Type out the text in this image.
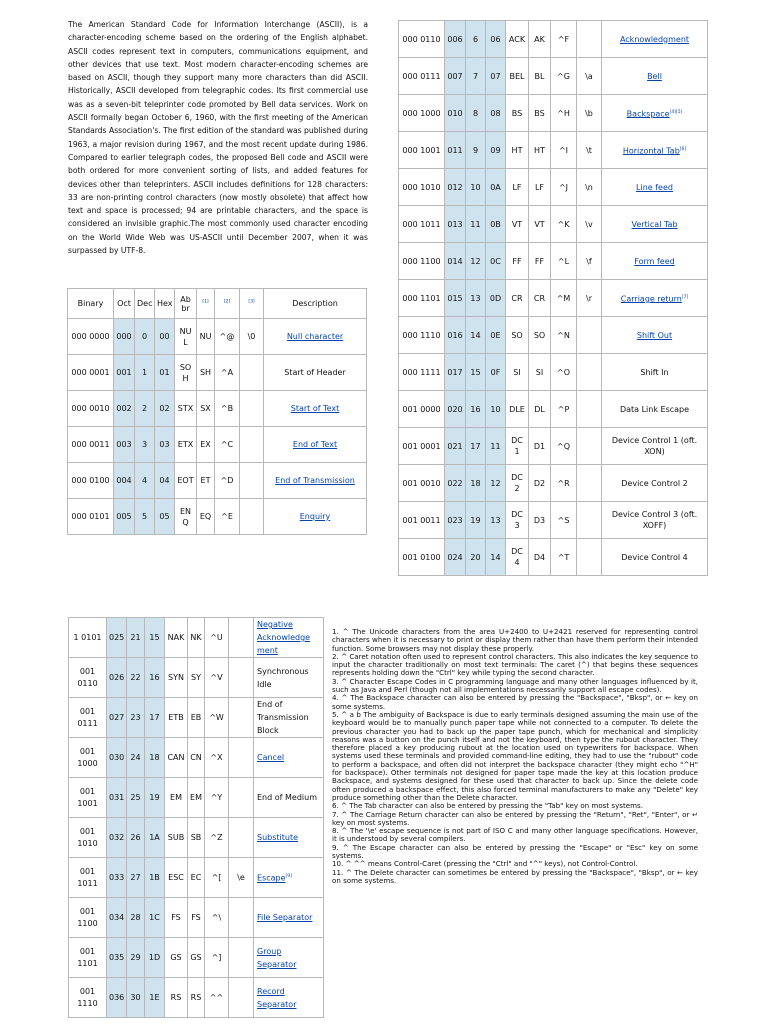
The American Standard Code for Information Interchange (ASCII), is a character-encoding scheme based on the ordering of the English alphabet. ASCII codes represent text in computers, communications equipment, and other devices that use text. Most modern character-encoding schemes are based on ASCII, though they support many more characters than did ASCII. Historically, ASCII developed from telegraphic codes. Its first commercial use was as a seven-bit teleprinter code promoted by Bell data services. Work on ASCII formally began October 6, 1960, with the first meeting of the American Standards Association's. The first edition of the standard was published during 1963, a major revision during 1967, and the most recent update during 1986. Compared to earlier telegraph codes, the proposed Bell code and ASCII were both ordered for more convenient sorting of lists, and added features for devices other than teleprinters. ASCII includes definitions for 128 characters: 33 are non-printing control characters (now mostly obsolete) that affect how text and space is processed; 94 are printable characters, and the space is considered an invisible graphic.The most commonly used character encoding on the World Wide Web was US-ASCII until December 2007, when it was surpassed by UTF-8.

Binary	Oct	Dec	Hex	Ab br	[1]	[2]	[3]	Description
000 0000	000	0	00	NU L	NU	^@	\0	Null character
000 0001	001	1	01	SO H	SH	^A		Start of Header
000 0010	002	2	02	STX	SX	^B		Start of Text
000 0011	003	3	03	ETX	EX	^C		End of Text
000 0100	004	4	04	EOT	ET	^D		End of Transmission
000 0101	005	5	05	EN Q	EQ	^E		Enquiry
000 0110	006	6	06	ACK	AK	^F		Acknowledgment
000 0111	007	7	07	BEL	BL	^G	\a	Bell
000 1000	010	8	08	BS	BS	^H	\b	Backspace[4][5]
000 1001	011	9	09	HT	HT	^I	\t	Horizontal Tab[6]
000 1010	012	10	0A	LF	LF	^J	\n	Line feed
000 1011	013	11	0B	VT	VT	^K	\v	Vertical Tab
000 1100	014	12	0C	FF	FF	^L	\f	Form feed
000 1101	015	13	0D	CR	CR	^M	\r	Carriage return[7]
000 1110	016	14	0E	SO	SO	^N		Shift Out
000 1111	017	15	0F	SI	SI	^O		Shift In
001 0000	020	16	10	DLE	DL	^P		Data Link Escape
001 0001	021	17	11	DC 1	D1	^Q		Device Control 1 (oft. XON)
001 0010	022	18	12	DC 2	D2	^R		Device Control 2
001 0011	023	19	13	DC 3	D3	^S		Device Control 3 (oft. XOFF)
001 0100	024	20	14	DC 4	D4	^T		Device Control 4
1 0101	025	21	15	NAK	NK	^U		Negative Acknowledge ment
001 0110	026	22	16	SYN	SY	^V		Synchronous Idle
001 0111	027	23	17	ETB	EB	^W		End of Transmission Block
001 1000	030	24	18	CAN	CN	^X		Cancel
001 1001	031	25	19	EM	EM	^Y		End of Medium
001 1010	032	26	1A	SUB	SB	^Z		Substitute
001 1011	033	27	1B	ESC	EC	^[	\e	Escape[9]
001 1100	034	28	1C	FS	FS	^\		File Separator
001 1101	035	29	1D	GS	GS	^]		Group Separator
001 1110	036	30	1E	RS	RS	^^		Record Separator
1. ^ The Unicode characters from the area U+2400 to U+2421 reserved for representing control characters when it is necessary to print or display them rather than have them perform their intended function. Some browsers may not display these properly.
2. ^ Caret notation often used to represent control characters. This also indicates the key sequence to input the character traditionally on most text terminals: The caret (^) that begins these sequences represents holding down the "Ctrl" key while typing the second character.
3. ^ Character Escape Codes in C programming language and many other languages influenced by it, such as Java and Perl (though not all implementations necessarily support all escape codes).
4. ^ The Backspace character can also be entered by pressing the "Backspace", "Bksp", or ← key on some systems.
5. ^ a b The ambiguity of Backspace is due to early terminals designed assuming the main use of the keyboard would be to manually punch paper tape while not connected to a computer. To delete the previous character you had to back up the paper tape punch, which for mechanical and simplicity reasons was a button on the punch itself and not the keyboard, then type the rubout character. They therefore placed a key producing rubout at the location used on typewriters for backspace. When systems used these terminals and provided command-line editing, they had to use the "rubout" code to perform a backspace, and often did not interpret the backspace character (they might echo "^H" for backspace). Other terminals not designed for paper tape made the key at this location produce Backspace, and systems designed for these used that character to back up. Since the delete code often produced a backspace effect, this also forced terminal manufacturers to make any "Delete" key produce something other than the Delete character.
6. ^ The Tab character can also be entered by pressing the "Tab" key on most systems.
7. ^ The Carriage Return character can also be entered by pressing the "Return", "Ret", "Enter", or ↵ key on most systems.
8. ^ The '\e' escape sequence is not part of ISO C and many other language specifications. However, it is understood by several compilers.
9. ^ The Escape character can also be entered by pressing the "Escape" or "Esc" key on some systems.
10. ^ ^^ means Control-Caret (pressing the "Ctrl" and "^" keys), not Control-Control.
11. ^ The Delete character can sometimes be entered by pressing the "Backspace", "Bksp", or ← key on some systems.
